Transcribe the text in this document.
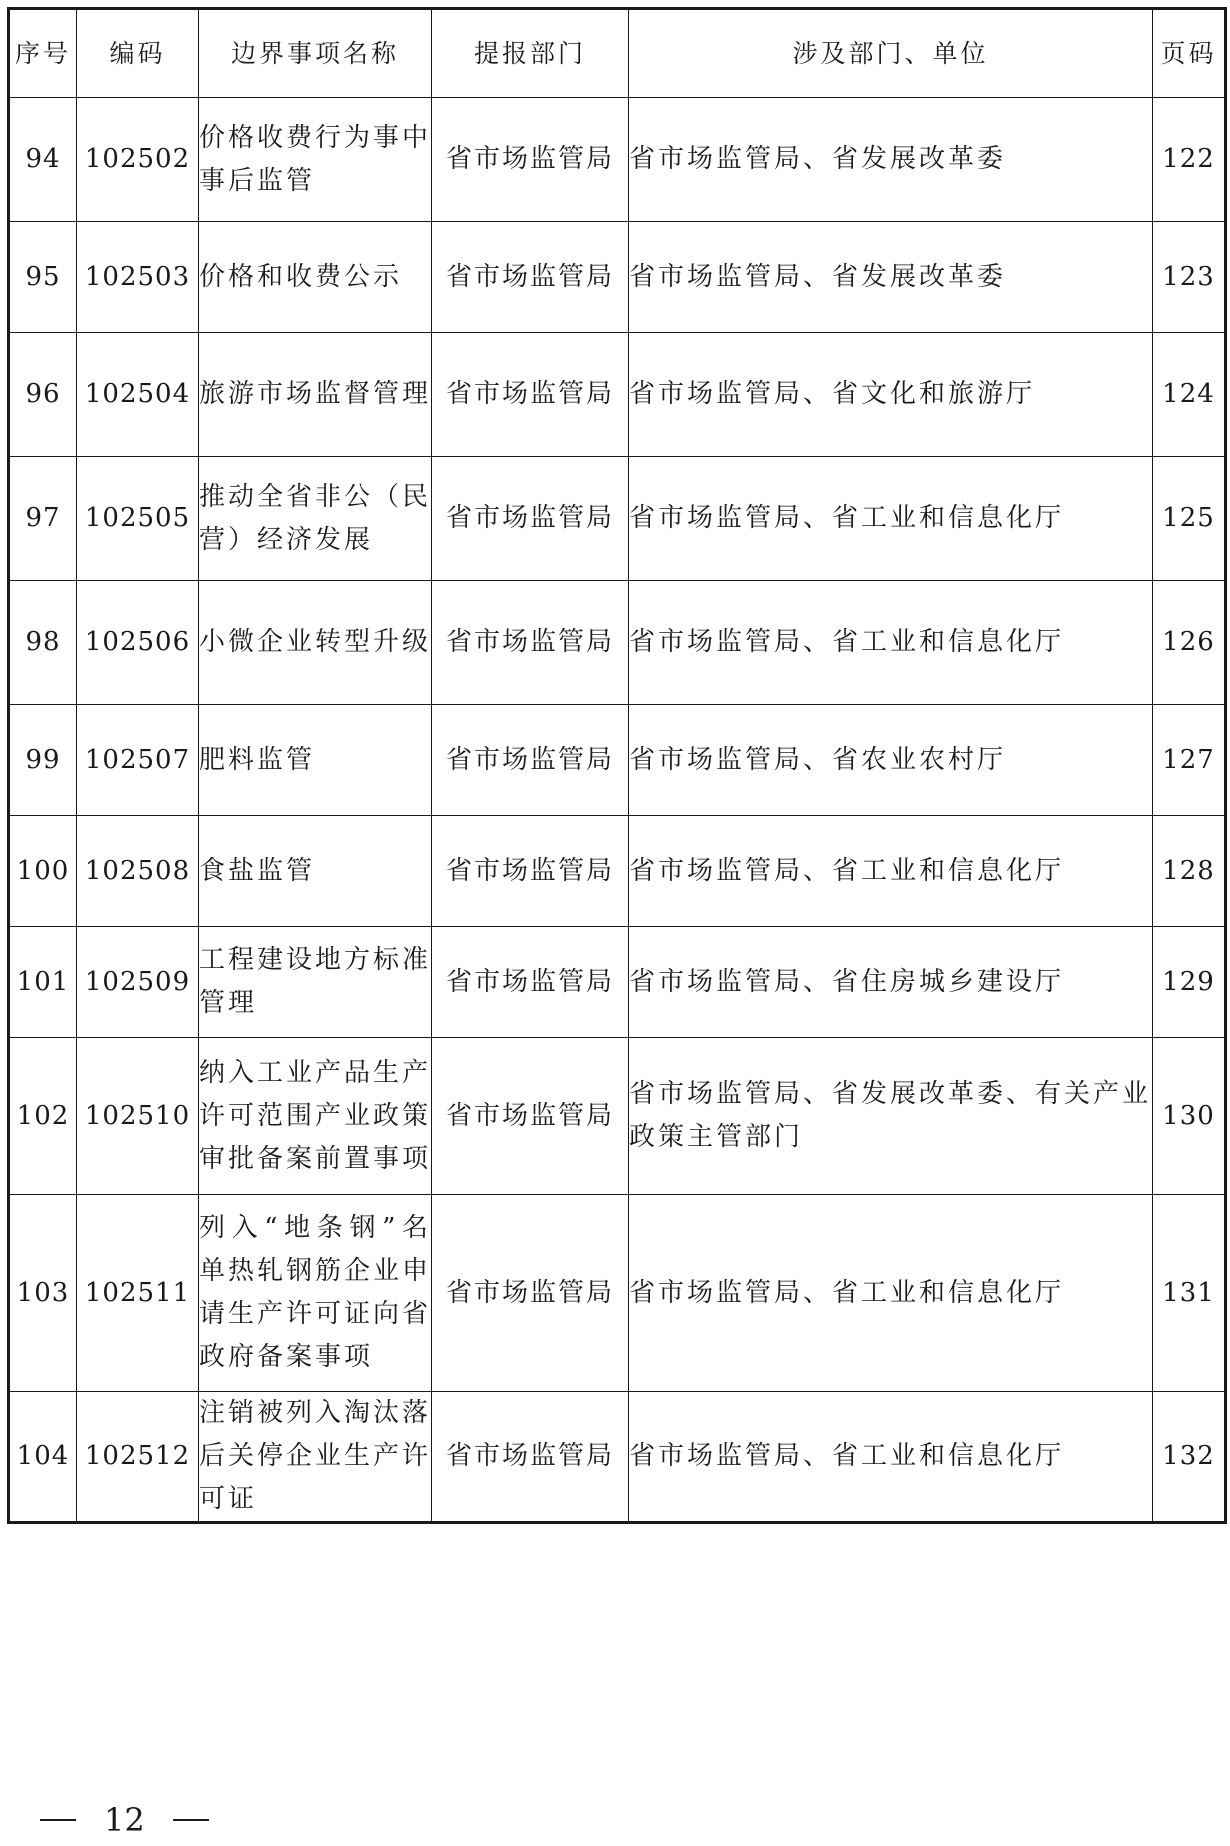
序号	编码	边界事项名称	提报部门	涉及部门、单位	页码
94	102502	价格收费行为事中事后监管	省市场监管局	省市场监管局、省发展改革委	122
95	102503	价格和收费公示	省市场监管局	省市场监管局、省发展改革委	123
96	102504	旅游市场监督管理	省市场监管局	省市场监管局、省文化和旅游厅	124
97	102505	推动全省非公（民营）经济发展	省市场监管局	省市场监管局、省工业和信息化厅	125
98	102506	小微企业转型升级	省市场监管局	省市场监管局、省工业和信息化厅	126
99	102507	肥料监管	省市场监管局	省市场监管局、省农业农村厅	127
100	102508	食盐监管	省市场监管局	省市场监管局、省工业和信息化厅	128
101	102509	工程建设地方标准管理	省市场监管局	省市场监管局、省住房城乡建设厅	129
102	102510	纳入工业产品生产许可范围产业政策审批备案前置事项	省市场监管局	省市场监管局、省发展改革委、有关产业政策主管部门	130
103	102511	列入“地条钢”名单热轧钢筋企业申请生产许可证向省政府备案事项	省市场监管局	省市场监管局、省工业和信息化厅	131
104	102512	注销被列入淘汰落后关停企业生产许可证	省市场监管局	省市场监管局、省工业和信息化厅	132
12
